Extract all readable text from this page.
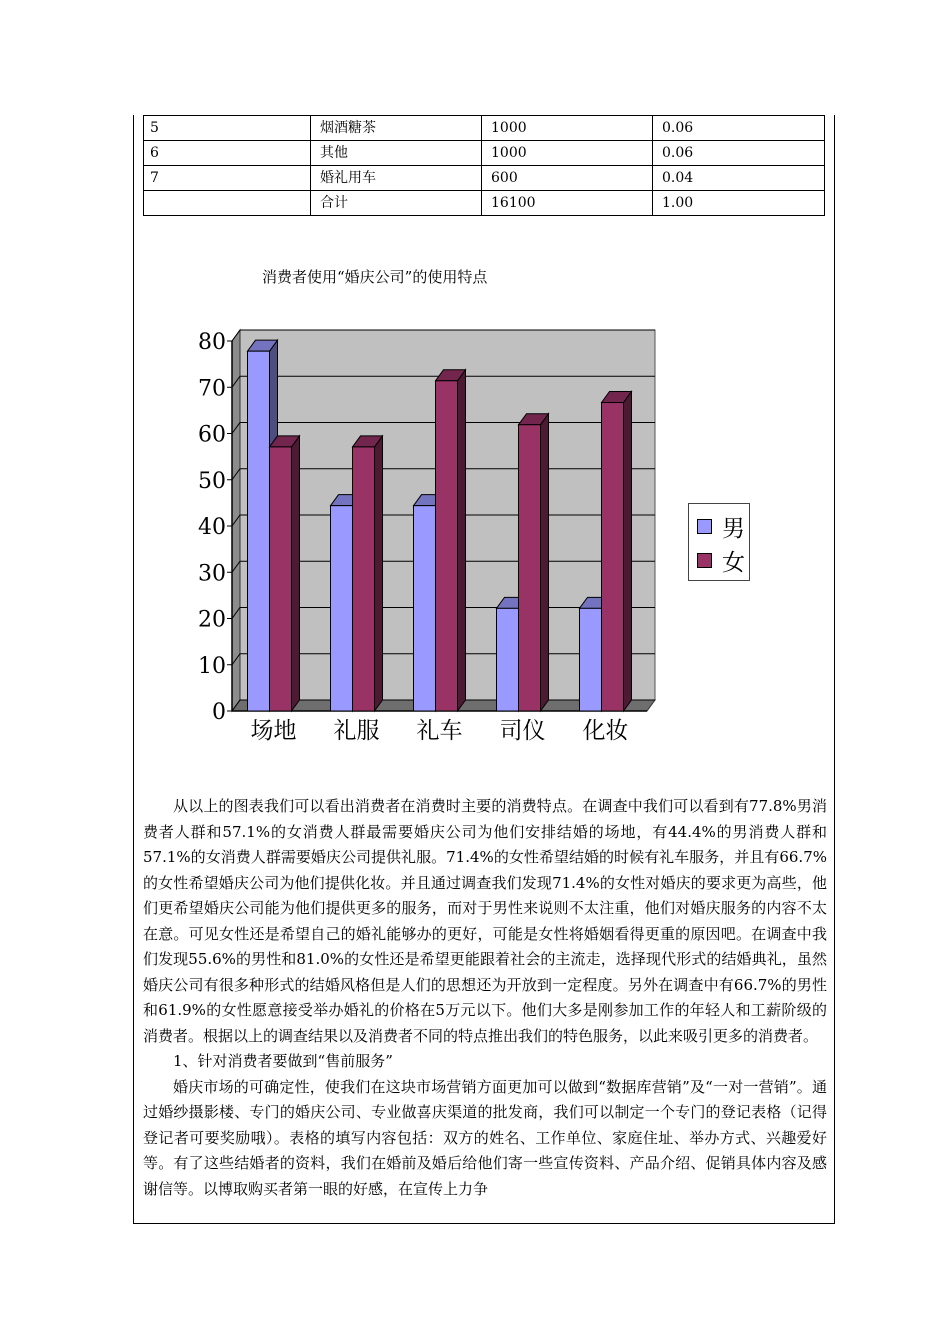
5	烟酒糖茶	1000	0.06
6	其他	1000	0.06
7	婚礼用车	600	0.04
	合计	16100	1.00
消费者使用“婚庆公司”的使用特点
0
10
20
30
40
50
60
70
80
场地 礼服 礼车 司仪 化妆
男
女

从以上的图表我们可以看出消费者在消费时主要的消费特点。在调查中我们可以看到有77.8%男消费者人群和57.1%的女消费人群最需要婚庆公司为他们安排结婚的场地，有44.4%的男消费人群和57.1%的女消费人群需要婚庆公司提供礼服。71.4%的女性希望结婚的时候有礼车服务，并且有66.7%的女性希望婚庆公司为他们提供化妆。并且通过调查我们发现71.4%的女性对婚庆的要求更为高些，他们更希望婚庆公司能为他们提供更多的服务，而对于男性来说则不太注重，他们对婚庆服务的内容不太在意。可见女性还是希望自己的婚礼能够办的更好，可能是女性将婚姻看得更重的原因吧。在调查中我们发现55.6%的男性和81.0%的女性还是希望更能跟着社会的主流走，选择现代形式的结婚典礼，虽然婚庆公司有很多种形式的结婚风格但是人们的思想还为开放到一定程度。另外在调查中有66.7%的男性和61.9%的女性愿意接受举办婚礼的价格在5万元以下。他们大多是刚参加工作的年轻人和工薪阶级的消费者。根据以上的调查结果以及消费者不同的特点推出我们的特色服务，以此来吸引更多的消费者。

1、针对消费者要做到“售前服务”

婚庆市场的可确定性，使我们在这块市场营销方面更加可以做到“数据库营销”及“一对一营销”。通过婚纱摄影楼、专门的婚庆公司、专业做喜庆渠道的批发商，我们可以制定一个专门的登记表格（记得登记者可要奖励哦）。表格的填写内容包括：双方的姓名、工作单位、家庭住址、举办方式、兴趣爱好等。有了这些结婚者的资料，我们在婚前及婚后给他们寄一些宣传资料、产品介绍、促销具体内容及感谢信等。以博取购买者第一眼的好感，在宣传上力争
